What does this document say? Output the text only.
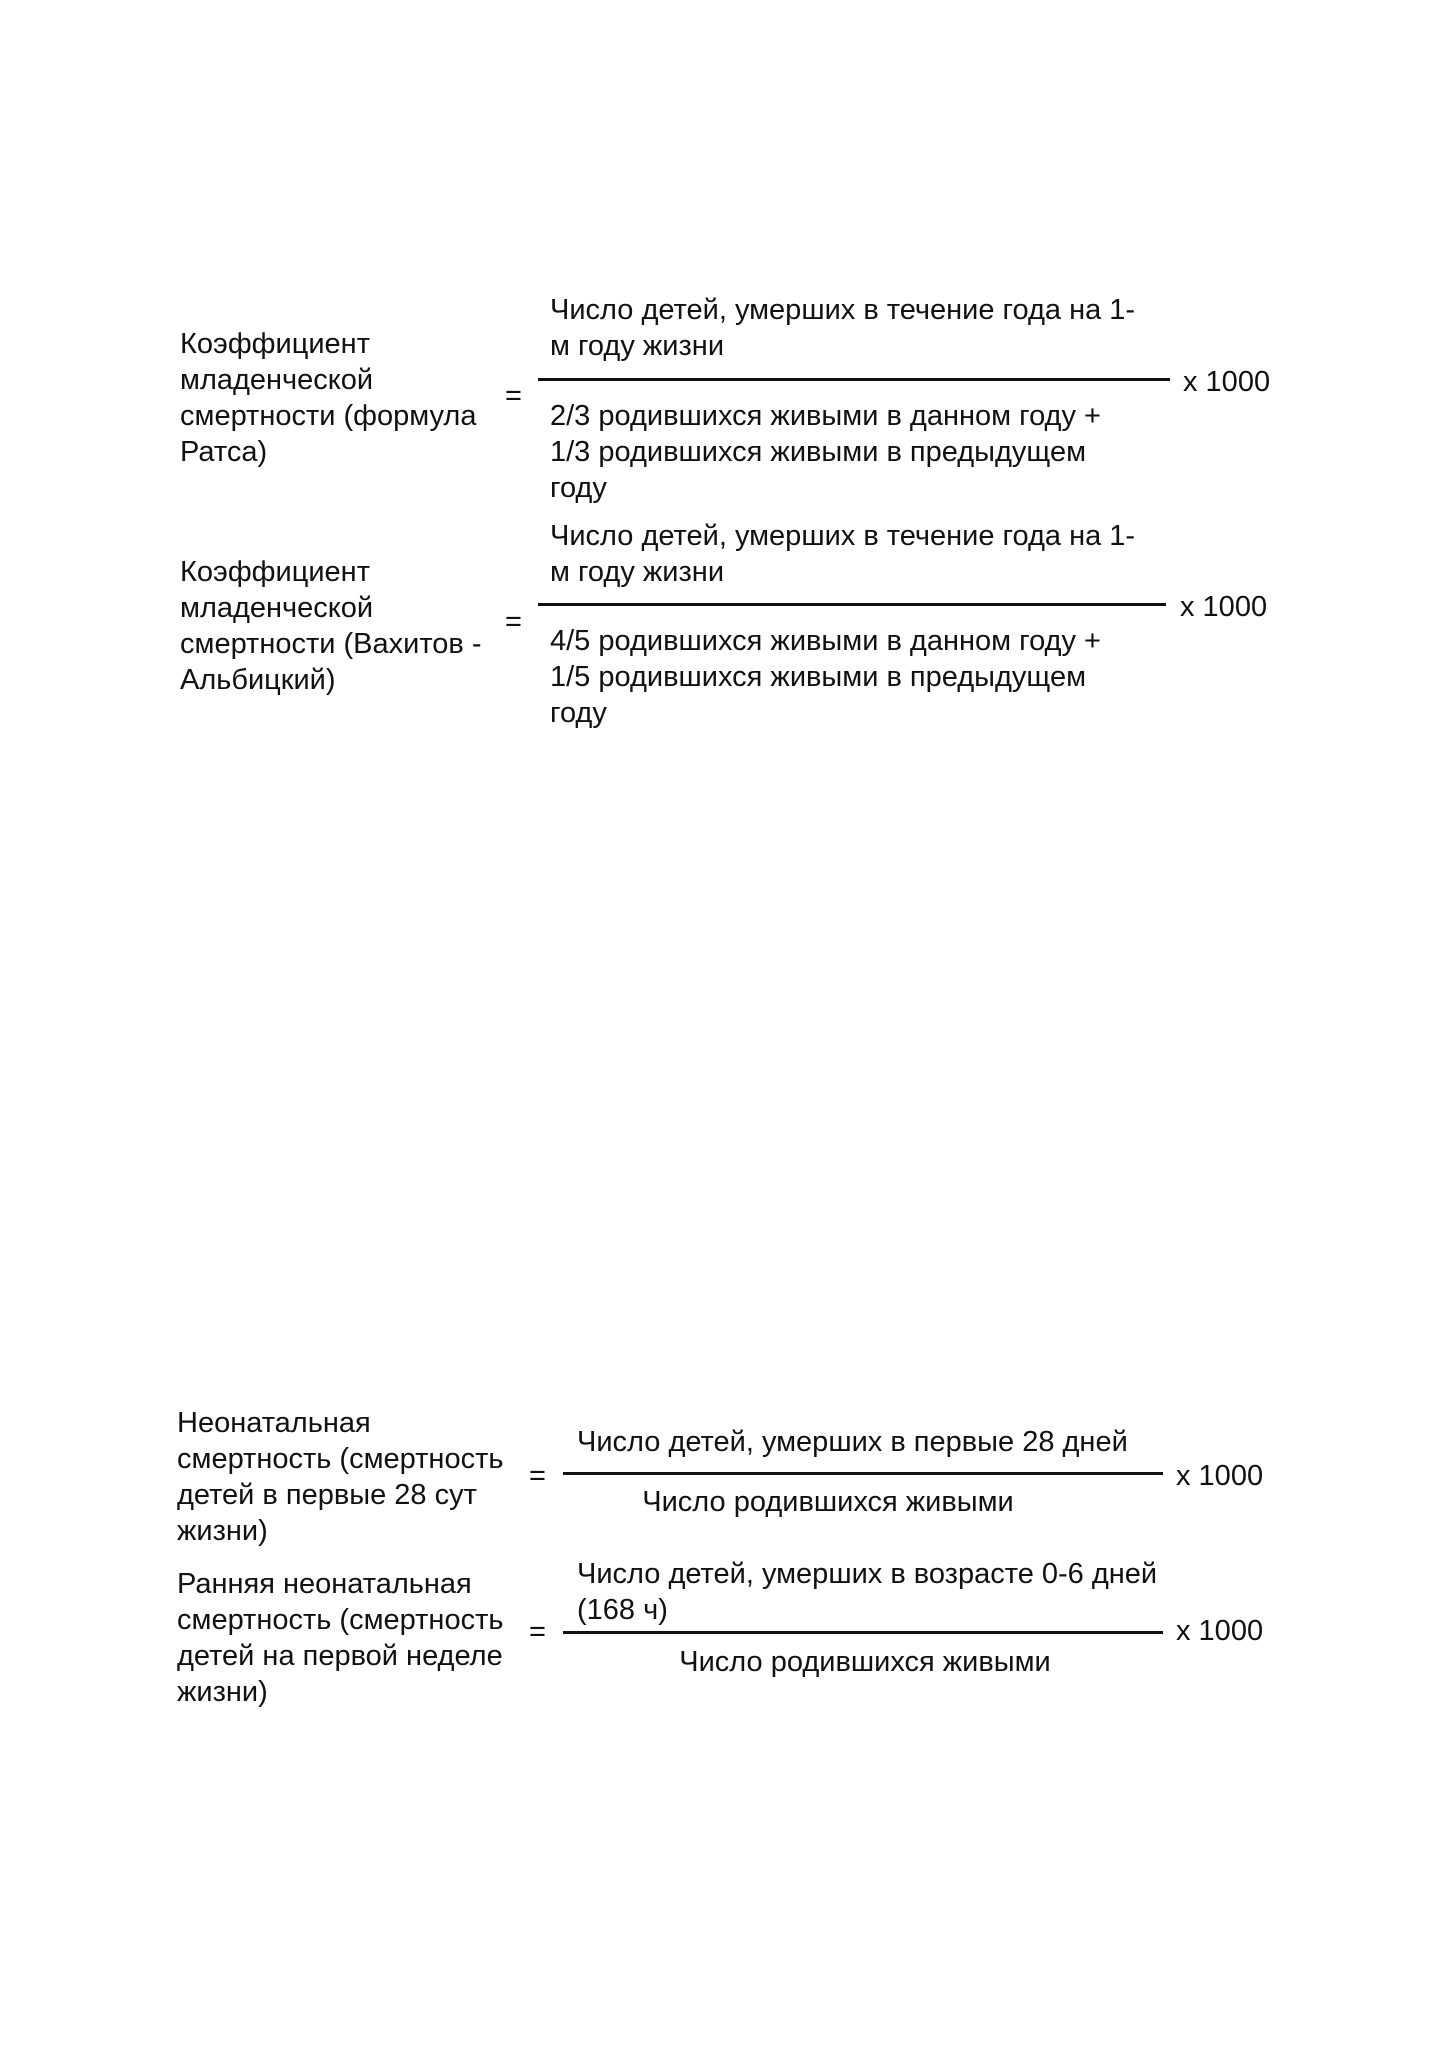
Коэффициент
младенческой
смертности (формула
Ратса)
=
Число детей, умерших в течение года на 1-
м году жизни
x 1000
2/3 родившихся живыми в данном году +
1/3 родившихся живыми в предыдущем
году
Коэффициент
младенческой
смертности (Вахитов -
Альбицкий)
=
Число детей, умерших в течение года на 1-
м году жизни
x 1000
4/5 родившихся живыми в данном году +
1/5 родившихся живыми в предыдущем
году
Неонатальная
смертность (смертность
детей в первые 28 сут
жизни)
=
Число детей, умерших в первые 28 дней
x 1000
Число родившихся живыми
Ранняя неонатальная
смертность (смертность
детей на первой неделе
жизни)
=
Число детей, умерших в возрасте 0-6 дней
(168 ч)
x 1000
Число родившихся живыми
